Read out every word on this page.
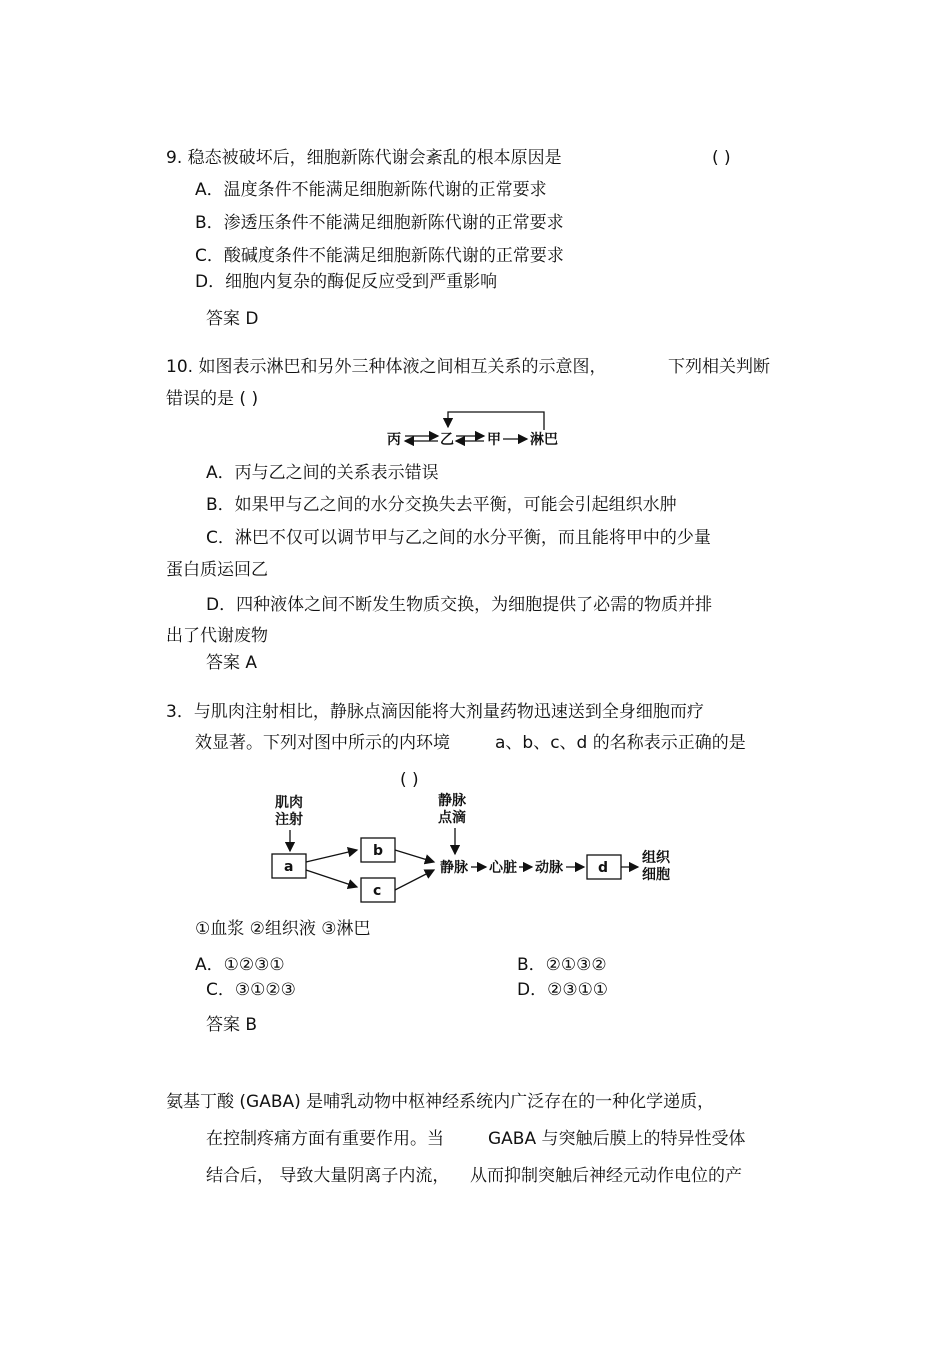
9. 稳态被破坏后，细胞新陈代谢会紊乱的根本原因是	( )
A．温度条件不能满足细胞新陈代谢的正常要求
B．渗透压条件不能满足细胞新陈代谢的正常要求
C．酸碱度条件不能满足细胞新陈代谢的正常要求
D．细胞内复杂的酶促反应受到严重影响
答案 D
10. 如图表示淋巴和另外三种体液之间相互关系的示意图，	下列相关判断
错误的是 ( )
丙	乙 甲 淋巴
肌肉
注射
a
b
c
静脉
点滴
静脉 心脏 动脉	d
组织
细胞
A．丙与乙之间的关系表示错误
B．如果甲与乙之间的水分交换失去平衡，可能会引起组织水肿
C．淋巴不仅可以调节甲与乙之间的水分平衡，而且能将甲中的少量
蛋白质运回乙
D．四种液体之间不断发生物质交换，为细胞提供了必需的物质并排
出了代谢废物
答案 A
3．与肌肉注射相比，静脉点滴因能将大剂量药物迅速送到全身细胞而疗
效显著。下列对图中所示的内环境	a、b、c、d 的名称表示正确的是
( )
①血浆 ②组织液 ③淋巴
A．①②③①	B．②①③②
C．③①②③	D．②③①①
答案 B
氨基丁酸 (GABA) 是哺乳动物中枢神经系统内广泛存在的一种化学递质，
在控制疼痛方面有重要作用。当	GABA 与突触后膜上的特异性受体
结合后， 导致大量阴离子内流， 从而抑制突触后神经元动作电位的产
